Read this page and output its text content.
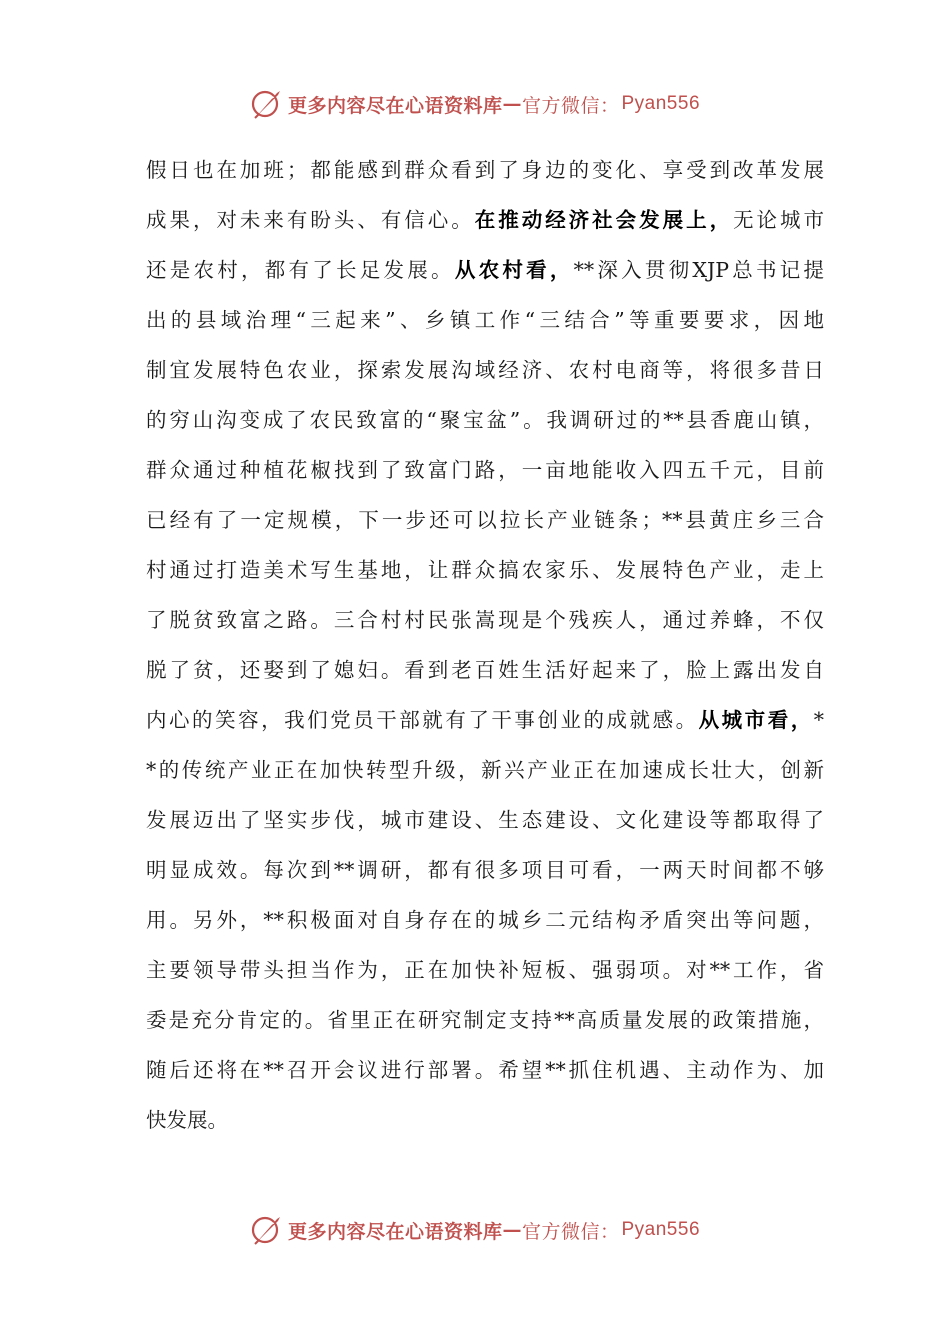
更多内容尽在心语资料库 — 官方微信： Pyan556
假日也在加班；都能感到群众看到了身边的变化、享受到改革发展
成果，对未来有盼头、有信心。在推动经济社会发展上，无论城市
还是农村，都有了长足发展。从农村看，**深入贯彻XJP总书记提
出的县域治理“三起来”、乡镇工作“三结合”等重要要求，因地
制宜发展特色农业，探索发展沟域经济、农村电商等，将很多昔日
的穷山沟变成了农民致富的“聚宝盆”。我调研过的**县香鹿山镇，
群众通过种植花椒找到了致富门路，一亩地能收入四五千元，目前
已经有了一定规模，下一步还可以拉长产业链条；**县黄庄乡三合
村通过打造美术写生基地，让群众搞农家乐、发展特色产业，走上
了脱贫致富之路。三合村村民张嵩现是个残疾人，通过养蜂，不仅
脱了贫，还娶到了媳妇。看到老百姓生活好起来了，脸上露出发自
内心的笑容，我们党员干部就有了干事创业的成就感。从城市看，*
*的传统产业正在加快转型升级，新兴产业正在加速成长壮大，创新
发展迈出了坚实步伐，城市建设、生态建设、文化建设等都取得了
明显成效。每次到**调研，都有很多项目可看，一两天时间都不够
用。另外，**积极面对自身存在的城乡二元结构矛盾突出等问题，
主要领导带头担当作为，正在加快补短板、强弱项。对**工作，省
委是充分肯定的。省里正在研究制定支持**高质量发展的政策措施，
随后还将在**召开会议进行部署。希望**抓住机遇、主动作为、加
快发展。
更多内容尽在心语资料库 — 官方微信： Pyan556
